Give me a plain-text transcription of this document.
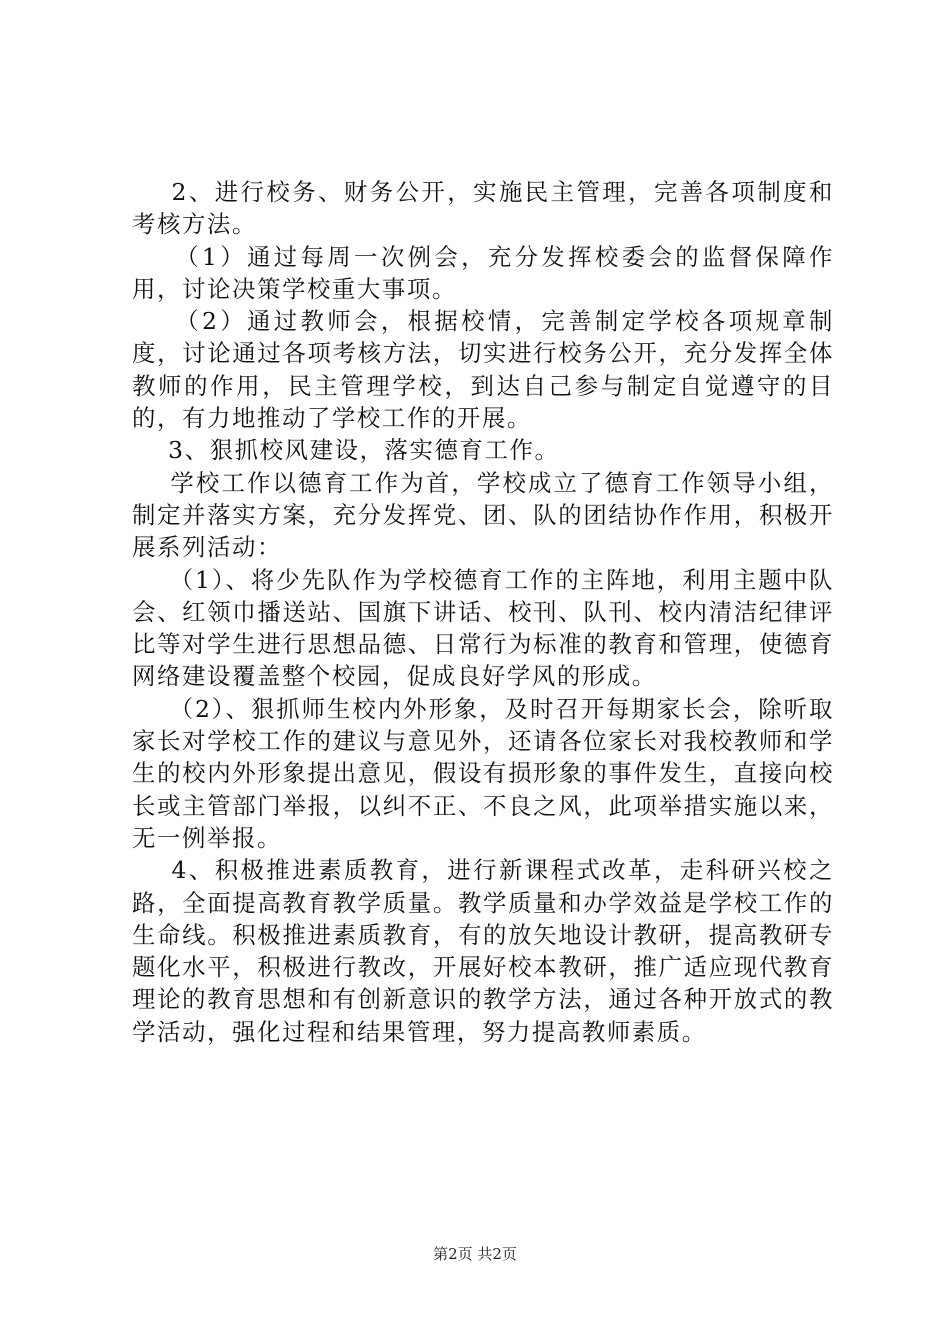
2、进行校务、财务公开，实施民主管理，完善各项制度和考核方法。

（1）通过每周一次例会，充分发挥校委会的监督保障作用，讨论决策学校重大事项。

（2）通过教师会，根据校情，完善制定学校各项规章制度，讨论通过各项考核方法，切实进行校务公开，充分发挥全体教师的作用，民主管理学校，到达自己参与制定自觉遵守的目的，有力地推动了学校工作的开展。

3、狠抓校风建设，落实德育工作。

学校工作以德育工作为首，学校成立了德育工作领导小组，制定并落实方案，充分发挥党、团、队的团结协作作用，积极开展系列活动：

（1）、将少先队作为学校德育工作的主阵地，利用主题中队会、红领巾播送站、国旗下讲话、校刊、队刊、校内清洁纪律评比等对学生进行思想品德、日常行为标准的教育和管理，使德育网络建设覆盖整个校园，促成良好学风的形成。

（2）、狠抓师生校内外形象，及时召开每期家长会，除听取家长对学校工作的建议与意见外，还请各位家长对我校教师和学生的校内外形象提出意见，假设有损形象的事件发生，直接向校长或主管部门举报，以纠不正、不良之风，此项举措实施以来，无一例举报。

4、积极推进素质教育，进行新课程式改革，走科研兴校之路，全面提高教育教学质量。教学质量和办学效益是学校工作的生命线。积极推进素质教育，有的放矢地设计教研，提高教研专题化水平，积极进行教改，开展好校本教研，推广适应现代教育理论的教育思想和有创新意识的教学方法，通过各种开放式的教学活动，强化过程和结果管理，努力提高教师素质。

第2页 共2页
